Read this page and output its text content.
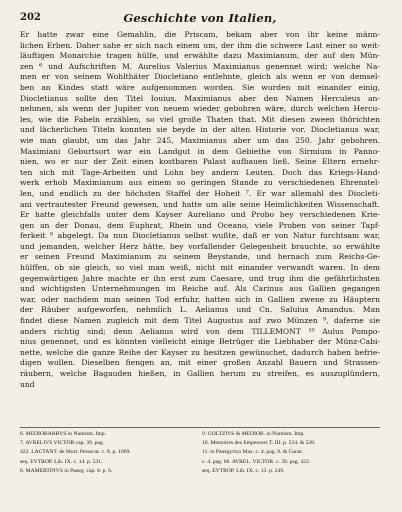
202	Geschichte von Italien,
Er hatte zwar eine Gemahlin, die Priscam, bekam aber von ihr keine männ-
lichen Erben. Daher sahe er sich nach einem um, der ihm die schwere Last einer so weit-
läuftigen Monarchie tragen hülfe, und erwählte dazu Maximianum, der auf den Mün-
zen ⁶ und Aufschriften M. Aurelius Valerius Maximianus genennet wird; welche Na-
men er von seinem Wohlthäter Diocletiano entlehnte, gleich als wenn er von demsel-
ben an Kindes statt wäre aufgenommen worden. Sie wurden mit einander einig,
Diocletianus sollte den Titel Iouius. Maximianus aber den Namen Herculeus an-
nehmen, als wenn der Jupiter von neuem wieder gebohren wäre, durch welchen Hercu-
les, wie die Fabeln erzählen, so viel große Thaten that. Mit diesen zween thörichten
und lächerlichen Titeln konnten sie beyde in der alten Historie vor. Diocletianus war,
wie man glaubt, um das Jahr 245, Maximianus aber um das 250. Jahr gebohren.
Maximiani Geburtsort war ein Landgut in dem Gebiethe von Sirmium in Panno-
nien, wo er nur der Zeit einen kostbaren Palast aufbauen ließ. Seine Eltern ernehr-
ten sich mit Tage-Arbeiten und Lohn bey andern Leuten. Doch das Kriegs-Hand-
werk erhob Maximianum aus einem so geringen Stande zu verschiedenen Ehrenstel-
len, und endlich zu der höchsten Staffel der Hoheit ⁷. Er war allemahl des Diocleti-
ani vertrautester Freund gewesen, und hatte um alle seine Heimlichkeiten Wissenschaft.
Er hatte gleichfalls unter dem Kayser Aureliano und Probo bey verschiedenen Krie-
gen an der Donau, dem Euphrat, Rhein und Oceano, viele Proben von seiner Tapf-
ferkeit ⁸ abgelegt. Da nun Diocletianus selbst wußte, daß er von Natur furchtsam war,
und jemanden, welcher Herz hätte, bey vorfallender Gelegenheit brauchte, so erwählte
er seinen Freund Maximianum zu seinem Beystande, und hernach zum Reichs-Ge-
hülffen, ob sie gleich, so viel man weiß, nicht mit einander verwandt waren. In dem
gegenwärtigen Jahre machte er ihn erst zum Caesare, und trug ihm die gefährlichsten
und wichtigsten Unternehmungen im Reiche auf. Als Carinus aus Gallien gegangen
war, oder nachdem man seinen Tod erfuhr, hatten sich in Gallien zwene zu Häuptern
der Räuber aufgeworfen, nehmlich L. Aelianus und Cn. Saluius Amandus. Man
findet diese Namen zugleich mit dem Titel Augustus auf zwo Münzen ⁹, daferne sie
anders richtig sind; denn Aelianus wird von dem TILLEMONT ¹⁰ Aulus Pompo-
nius genennet, und es könnten vielleicht einige Betrüger die Liebhaber der Münz-Cabi-
nette, welche die ganze Reihe der Kayser zu besitzen gewünschet, dadurch haben befrie-
digen wollen. Dieselben fiengen an, mit einer großen Anzahl Bauern und Strassen-
räubern, welche Bagauden hießen, in Gallien herum zu streifen, es auszuplündern,
und
6. MEDIOBARBVS in Numism. Imp.
7. AVRELIVS VICTOR cap. 39. pag.
422. LACTANT. de Mort. Persecut. c. 8. p. 1069.
seq. EVTROP. Lib. IX. c. 14. p. 531.
8. MAMERTINVS in Paneg. cap. 8. p. 6.
9. GOLTZIVS & MEDIOB. in Numism. Imp.
10. Memoires des Empereurs T. III. p. 534. & 528.
11. in Panegyrico Max. c. 4. pag. 8. & Const.
c. 4. pag. 60. AVREL. VICTOR. c. 39. pag. 422.
seq. EVTROP. Lib. IX. c. 13. p. 249.
